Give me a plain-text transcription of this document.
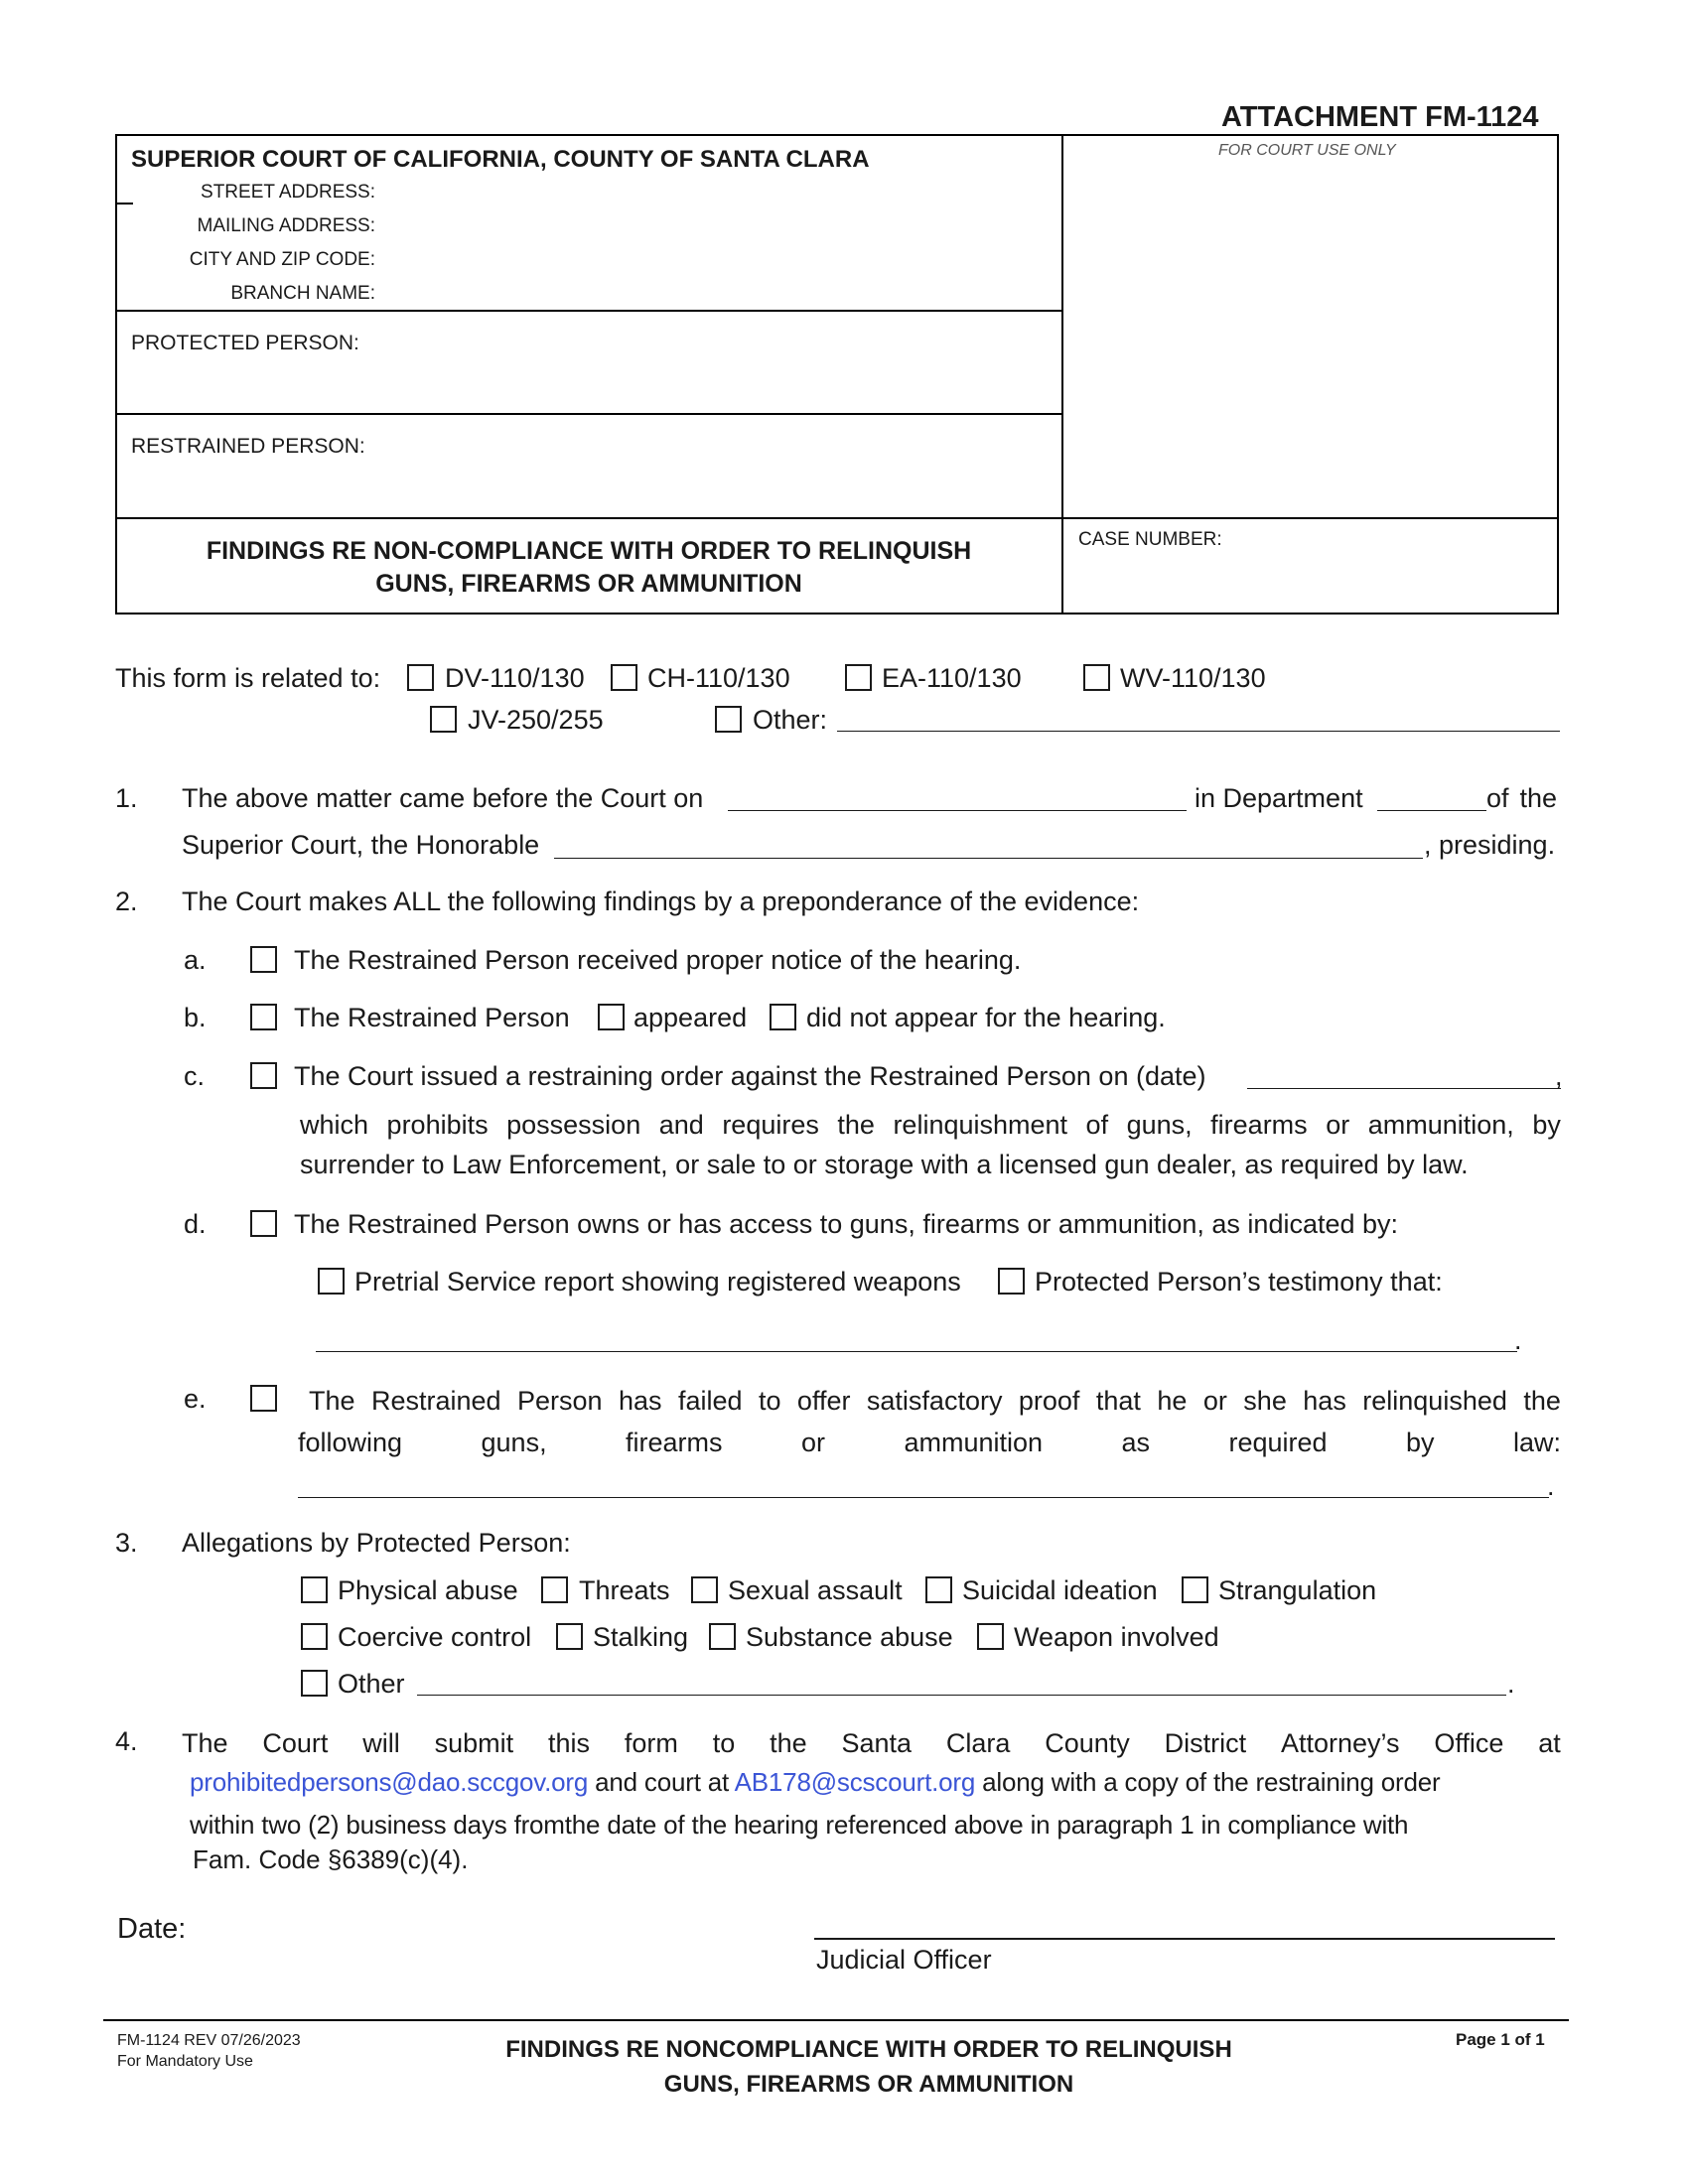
ATTACHMENT FM-1124
SUPERIOR COURT OF CALIFORNIA, COUNTY OF SANTA CLARA
STREET ADDRESS:
MAILING ADDRESS:
CITY AND ZIP CODE:
BRANCH NAME:
FOR COURT USE ONLY
PROTECTED PERSON:
RESTRAINED PERSON:
FINDINGS RE NON-COMPLIANCE WITH ORDER TO RELINQUISH
GUNS, FIREARMS OR AMMUNITION
CASE NUMBER:
This form is related to: DV-110/130 CH-110/130	EA-110/130	WV-110/130
JV-250/255	Other:
1. The above matter came before the Court on	in Department	of  the
Superior Court, the Honorable	, presiding.
2. The Court makes ALL the following findings by a preponderance of the evidence:
a.	The Restrained Person received proper notice of the hearing.
b.	The Restrained Person appeared did not appear for the hearing.
c.	The Court issued a restraining order against the Restrained Person on (date)	,
which prohibits possession and requires the relinquishment of guns, firearms or ammunition, by
surrender to Law Enforcement, or sale to or storage with a licensed gun dealer, as required by law.
d.	The Restrained Person owns or has access to guns, firearms or ammunition, as indicated by:
Pretrial Service report showing registered weapons	Protected Person’s testimony that:
.
e.	The Restrained Person has failed to offer satisfactory proof that he or she has relinquished the
following	guns,	firearms	or	ammunition	as	required	by	law:
.
3. Allegations by Protected Person:
Physical abuse Threats Sexual assault Suicidal ideation Strangulation
Coercive control Stalking Substance abuse Weapon involved
Other	.
4. The Court will submit this form to the Santa Clara County District Attorney’s Office at
prohibitedpersons@dao.sccgov.org and court at AB178@scscourt.org along with a copy of the restraining order
within two (2) business days fromthe date of the hearing referenced above in paragraph 1 in compliance with
Fam. Code §6389(c)(4).
Date:
Judicial Officer
FM-1124 REV 07/26/2023
For Mandatory Use	FINDINGS RE NONCOMPLIANCE WITH ORDER TO RELINQUISH
GUNS, FIREARMS OR AMMUNITION
Page 1 of 1
